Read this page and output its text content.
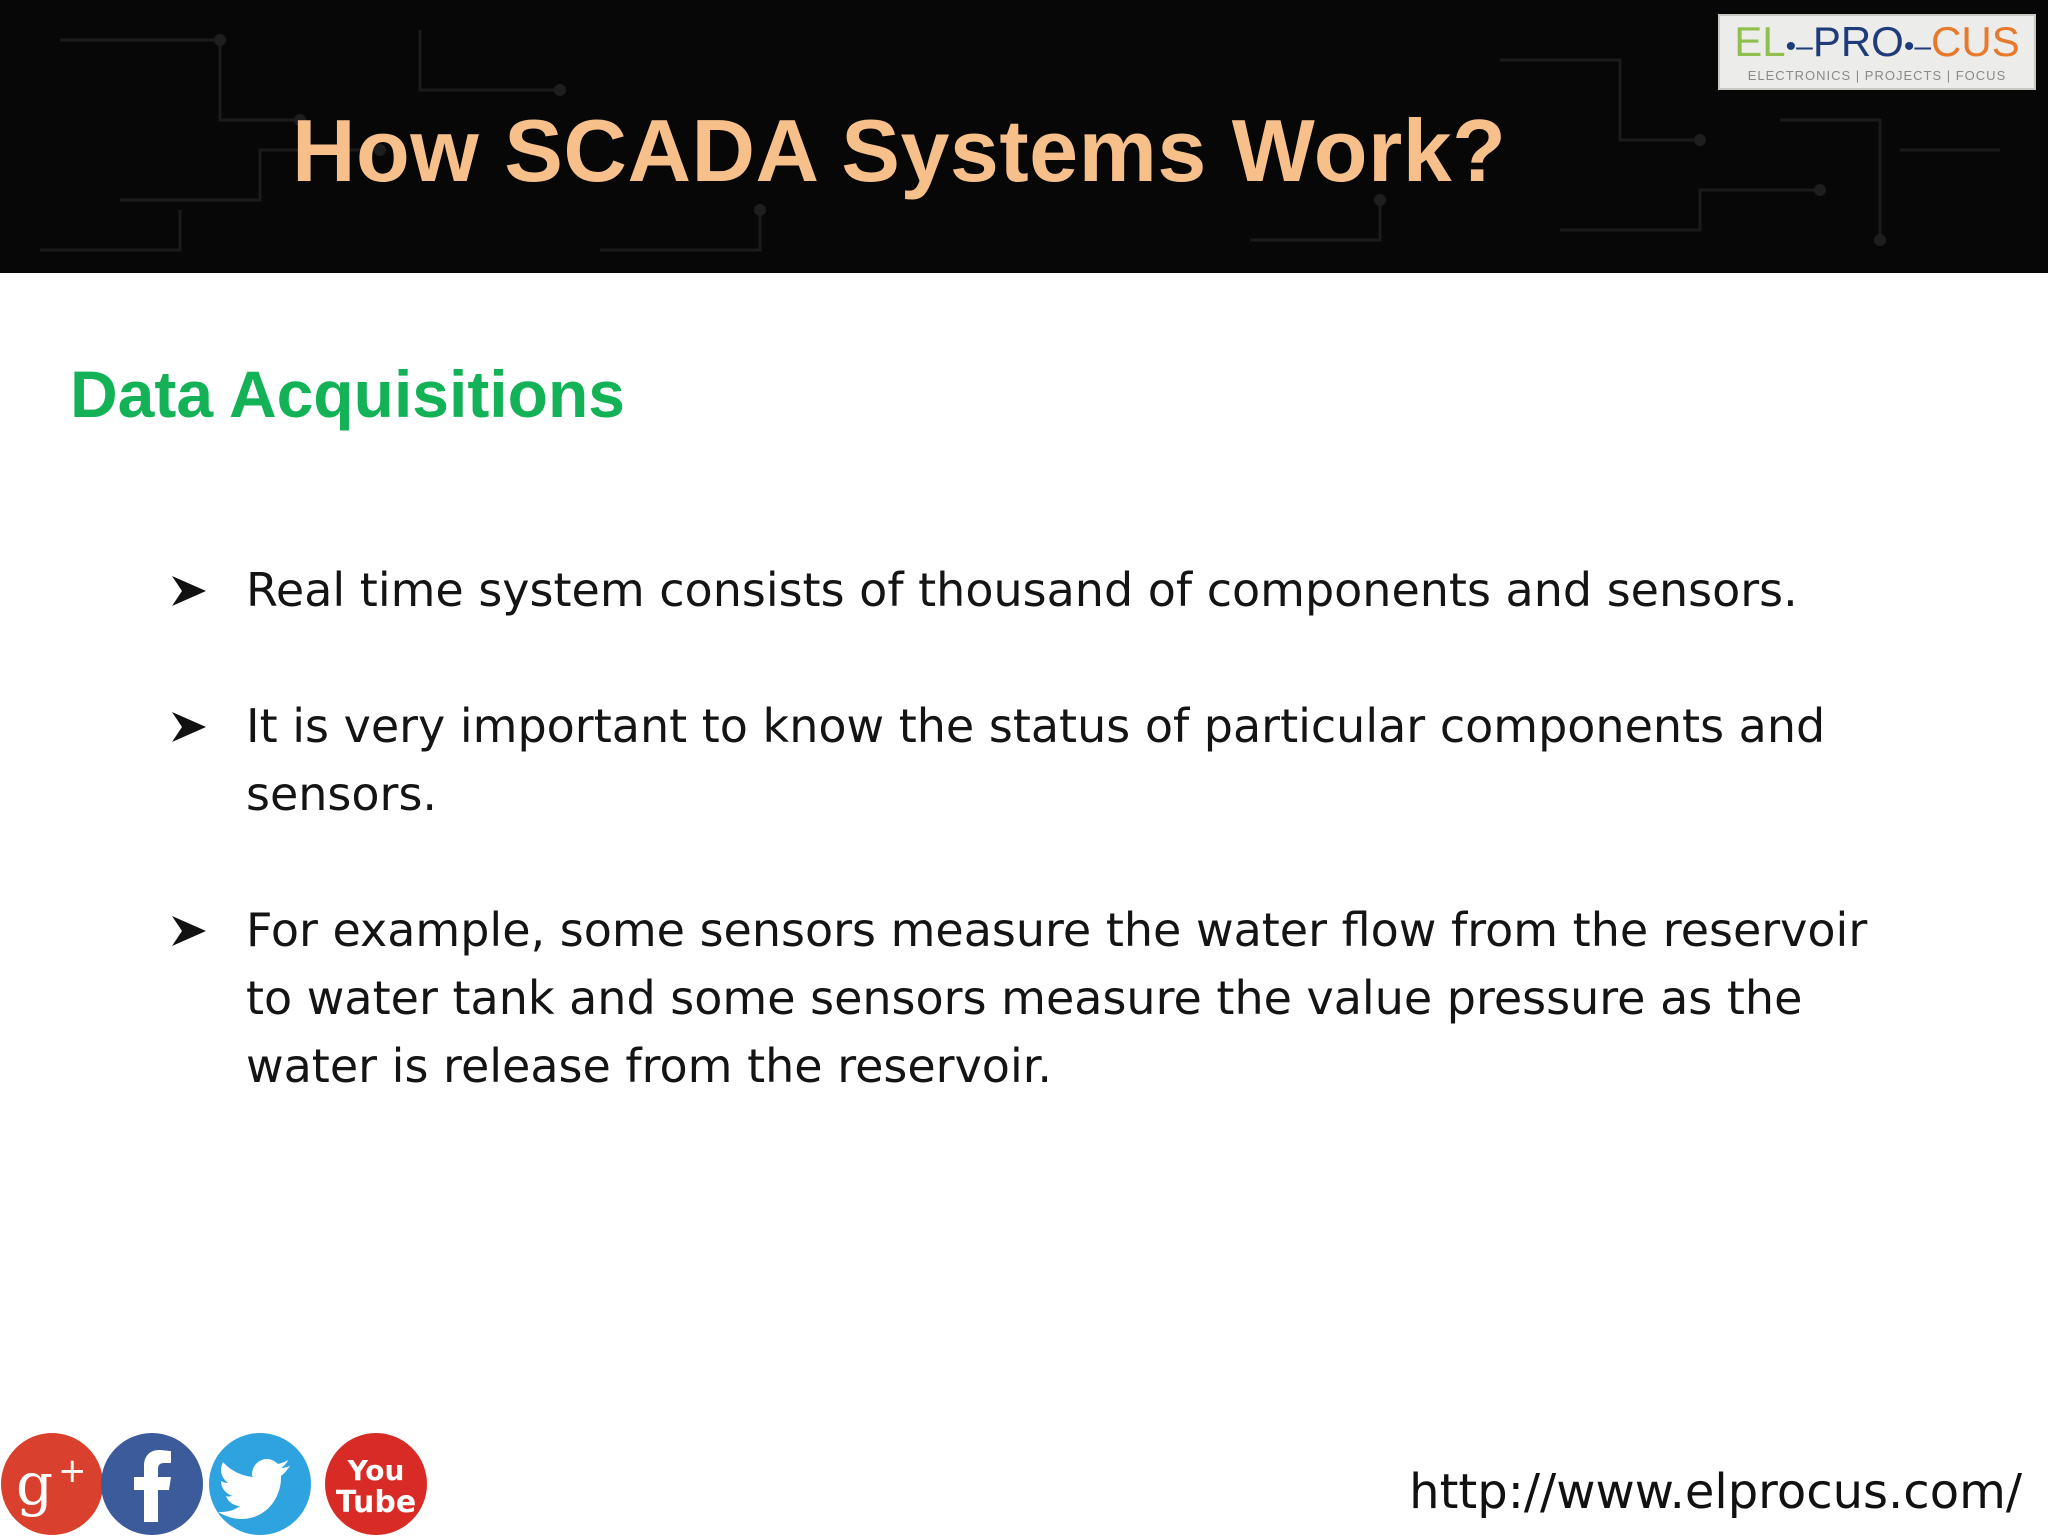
How SCADA Systems Work?
EL•–PRO•–CUS
ELECTRONICS | PROJECTS | FOCUS
Data Acquisitions
Real time system consists of thousand of components and sensors.
It is very important to know the status of particular components and sensors.
For example, some sensors measure the water flow from the reservoir to water tank and some sensors measure the value pressure as the water is release from the reservoir.
g +	You
Tube	http://www.elprocus.com/
